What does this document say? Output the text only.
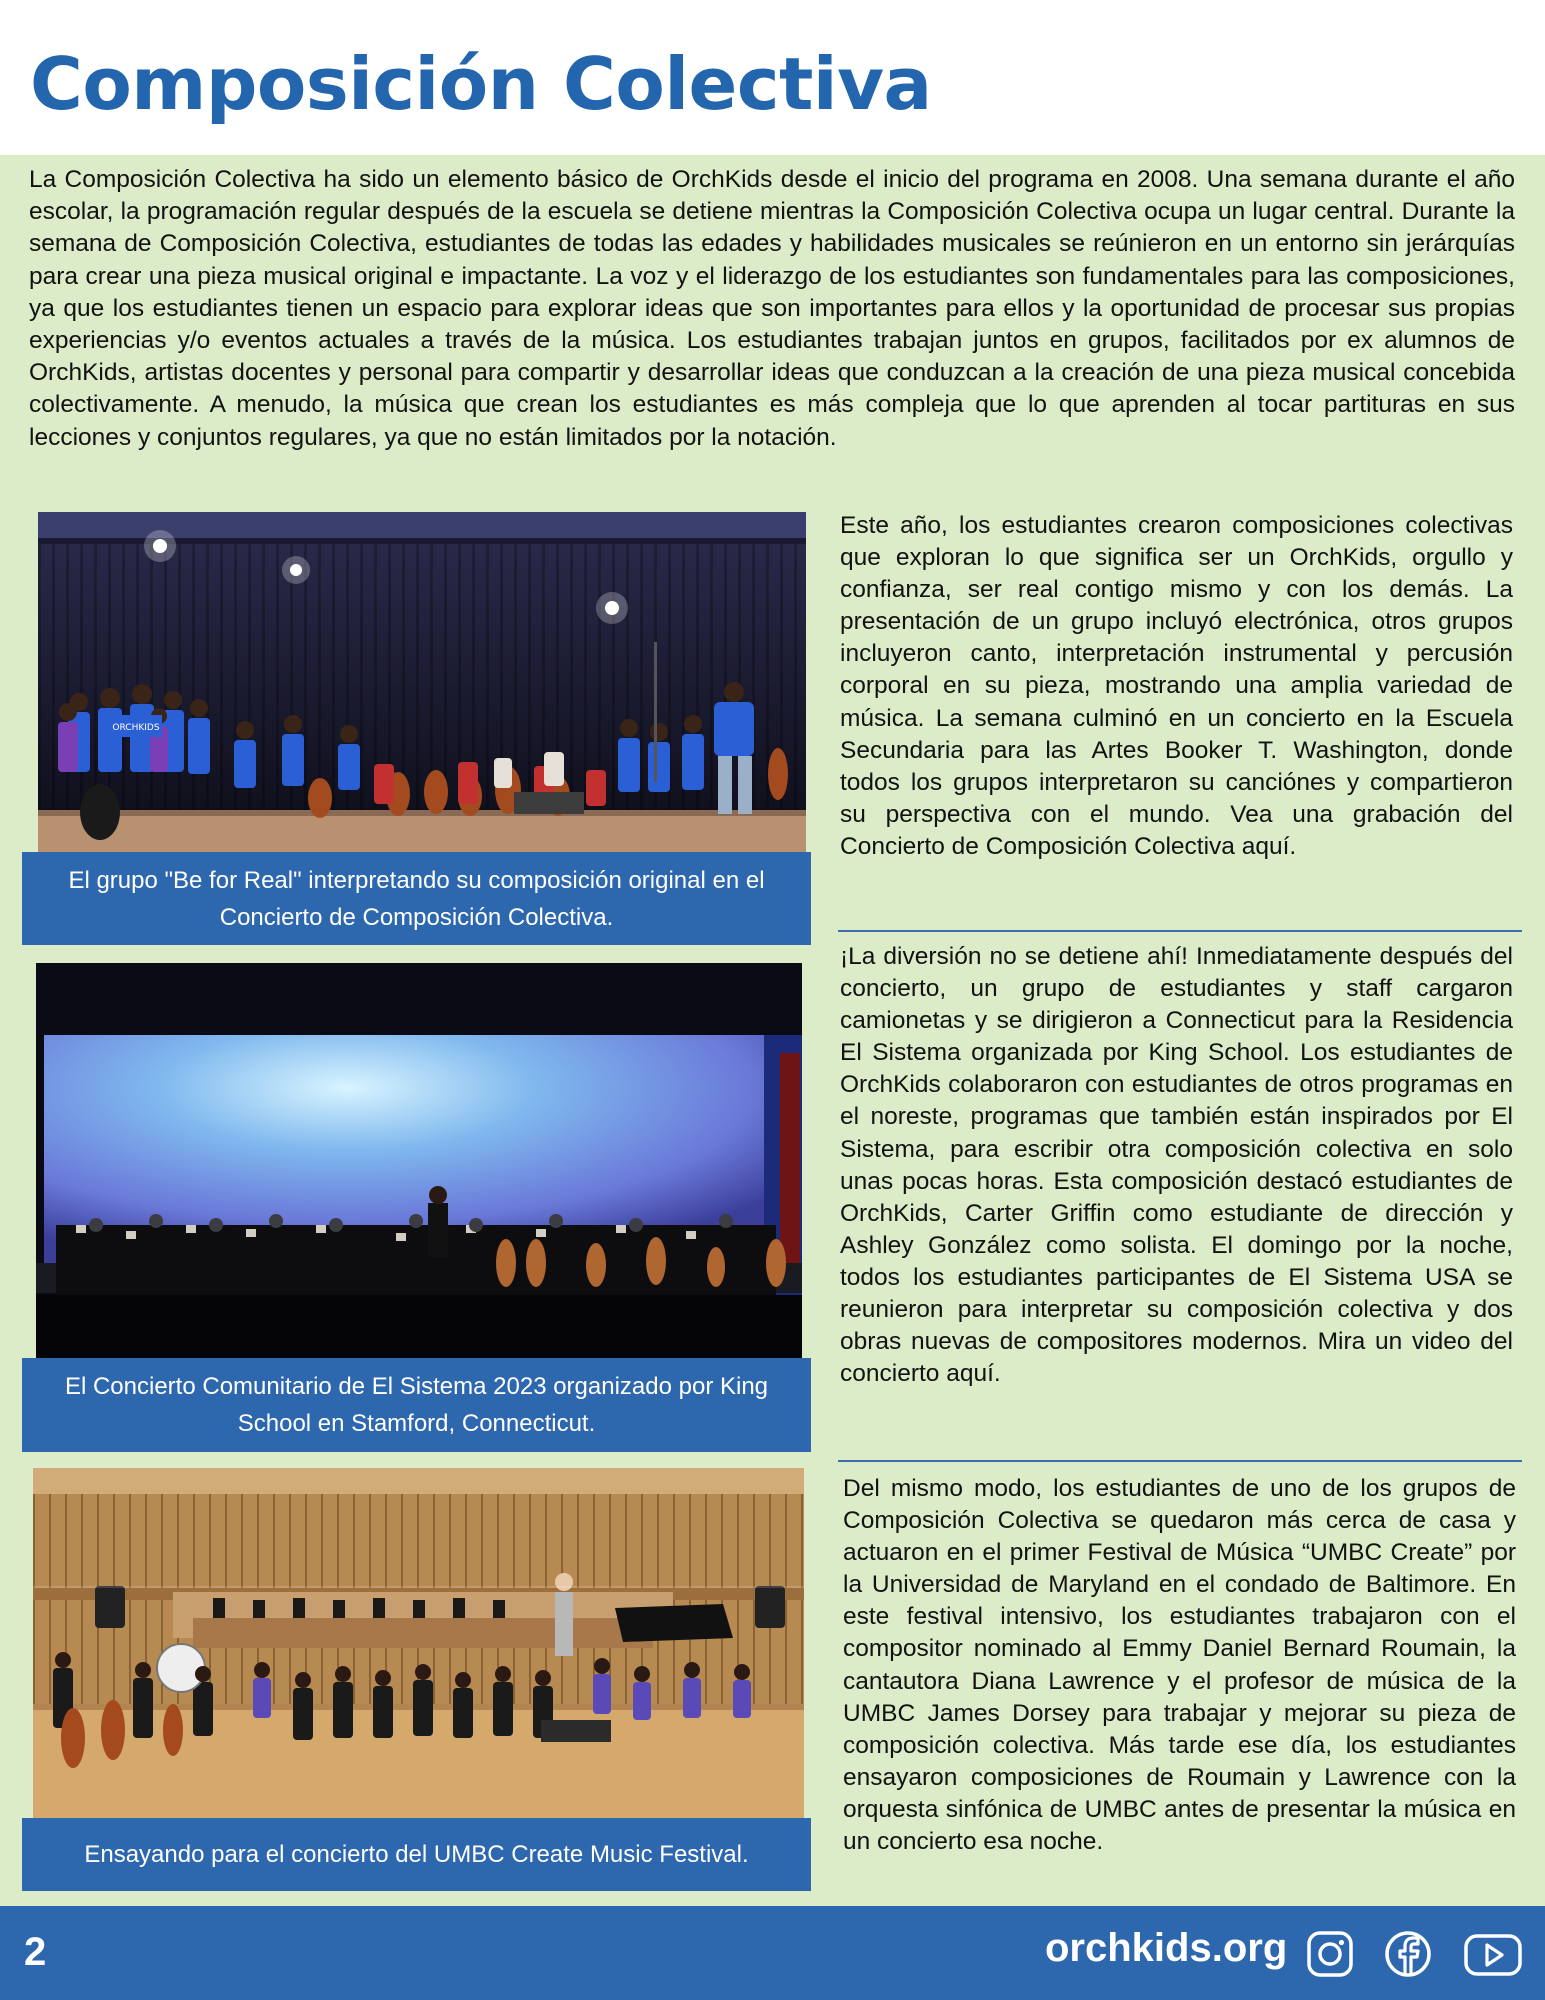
Composición Colectiva

La Composición Colectiva ha sido un elemento básico de OrchKids desde el inicio del programa en 2008. Una semana durante el año escolar, la programación regular después de la escuela se detiene mientras la Composición Colectiva ocupa un lugar central. Durante la semana de Composición Colectiva, estudiantes de todas las edades y habilidades musicales se reúnieron en un entorno sin jerárquías para crear una pieza musical original e impactante. La voz y el liderazgo de los estudiantes son fundamentales para las composiciones, ya que los estudiantes tienen un espacio para explorar ideas que son importantes para ellos y la oportunidad de procesar sus propias experiencias y/o eventos actuales a través de la música. Los estudiantes trabajan juntos en grupos, facilitados por ex alumnos de OrchKids, artistas docentes y personal para compartir y desarrollar ideas que conduzcan a la creación de una pieza musical concebida colectivamente. A menudo, la música que crean los estudiantes es más compleja que lo que aprenden al tocar partituras en sus lecciones y conjuntos regulares, ya que no están limitados por la notación.

ORCHKIDS
El grupo "Be for Real" interpretando su composición original en el Concierto de Composición Colectiva.
El Concierto Comunitario de El Sistema 2023 organizado por King School en Stamford, Connecticut.
Ensayando para el concierto del UMBC Create Music Festival.

Este año, los estudiantes crearon composiciones colectivas que exploran lo que significa ser un OrchKids, orgullo y confianza, ser real contigo mismo y con los demás. La presentación de un grupo incluyó electrónica, otros grupos incluyeron canto, interpretación instrumental y percusión corporal en su pieza, mostrando una amplia variedad de música. La semana culminó en un concierto en la Escuela Secundaria para las Artes Booker T. Washington, donde todos los grupos interpretaron su canciónes y compartieron su perspectiva con el mundo. Vea una grabación del Concierto de Composición Colectiva aquí.

¡La diversión no se detiene ahí! Inmediatamente después del concierto, un grupo de estudiantes y staff cargaron camionetas y se dirigieron a Connecticut para la Residencia El Sistema organizada por King School. Los estudiantes de OrchKids colaboraron con estudiantes de otros programas en el noreste, programas que también están inspirados por El Sistema, para escribir otra composición colectiva en solo unas pocas horas. Esta composición destacó estudiantes de OrchKids, Carter Griffin como estudiante de dirección y Ashley González como solista. El domingo por la noche, todos los estudiantes participantes de El Sistema USA se reunieron para interpretar su composición colectiva y dos obras nuevas de compositores modernos. Mira un video del concierto aquí.

Del mismo modo, los estudiantes de uno de los grupos de Composición Colectiva se quedaron más cerca de casa y actuaron en el primer Festival de Música “UMBC Create” por la Universidad de Maryland en el condado de Baltimore. En este festival intensivo, los estudiantes trabajaron con el compositor nominado al Emmy Daniel Bernard Roumain, la cantautora Diana Lawrence y el profesor de música de la UMBC James Dorsey para trabajar y mejorar su pieza de composición colectiva. Más tarde ese día, los estudiantes ensayaron composiciones de Roumain y Lawrence con la orquesta sinfónica de UMBC antes de presentar la música en un concierto esa noche.

2	orchkids.org
